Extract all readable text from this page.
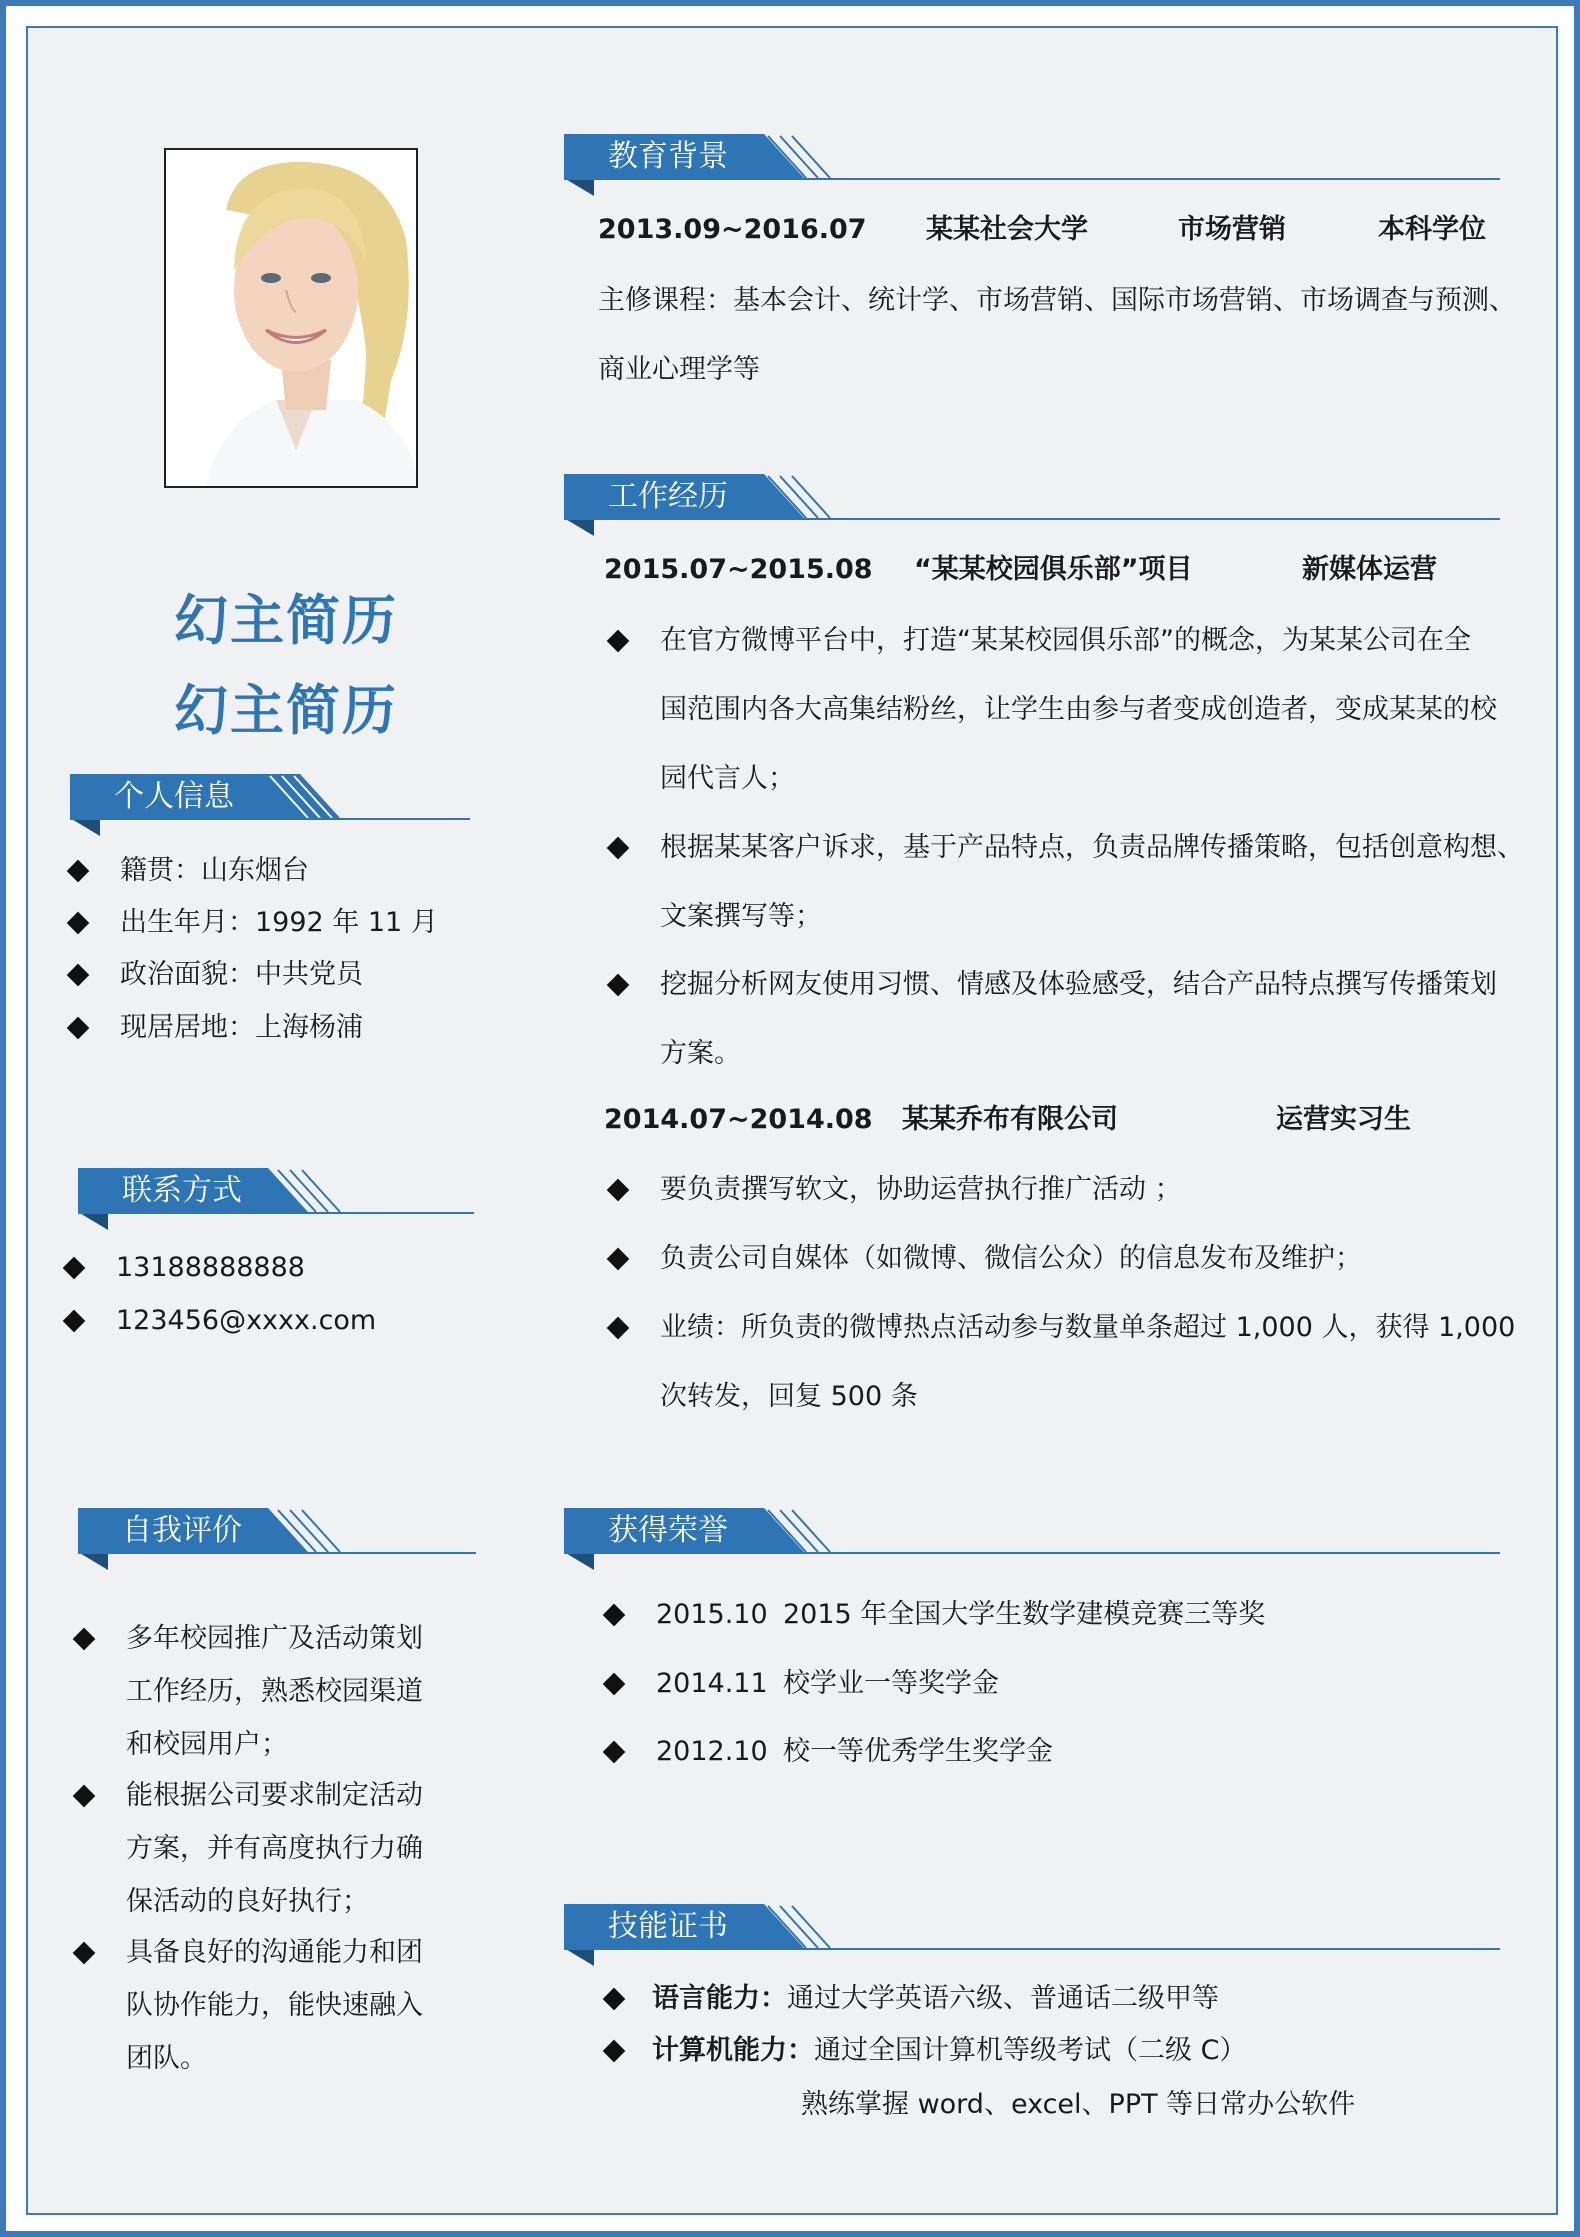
幻主简历
幻主简历
个人信息
籍贯：山东烟台
出生年月：1992 年 11 月
政治面貌：中共党员
现居居地：上海杨浦
联系方式
13188888888
123456@xxxx.com
自我评价
多年校园推广及活动策划
工作经历，熟悉校园渠道
和校园用户；
能根据公司要求制定活动
方案，并有高度执行力确
保活动的良好执行；
具备良好的沟通能力和团
队协作能力，能快速融入
团队。
教育背景
2013.09~2016.07 某某社会大学	市场营销	本科学位
主修课程：基本会计、统计学、市场营销、国际市场营销、市场调查与预测、
商业心理学等
工作经历
2015.07~2015.08 “某某校园俱乐部”项目	新媒体运营
在官方微博平台中，打造“某某校园俱乐部”的概念，为某某公司在全
国范围内各大高集结粉丝，让学生由参与者变成创造者，变成某某的校
园代言人；
根据某某客户诉求，基于产品特点，负责品牌传播策略，包括创意构想、
文案撰写等；
挖掘分析网友使用习惯、情感及体验感受，结合产品特点撰写传播策划
方案。
2014.07~2014.08 某某乔布有限公司	运营实习生
要负责撰写软文，协助运营执行推广活动 ；
负责公司自媒体（如微博、微信公众）的信息发布及维护；
业绩：所负责的微博热点活动参与数量单条超过 1,000 人，获得 1,000
次转发，回复 500 条
获得荣誉
2015.10 2015 年全国大学生数学建模竞赛三等奖
2014.11 校学业一等奖学金
2012.10 校一等优秀学生奖学金
技能证书
语言能力：通过大学英语六级、普通话二级甲等
计算机能力：通过全国计算机等级考试（二级 C）
熟练掌握 word、excel、PPT 等日常办公软件
